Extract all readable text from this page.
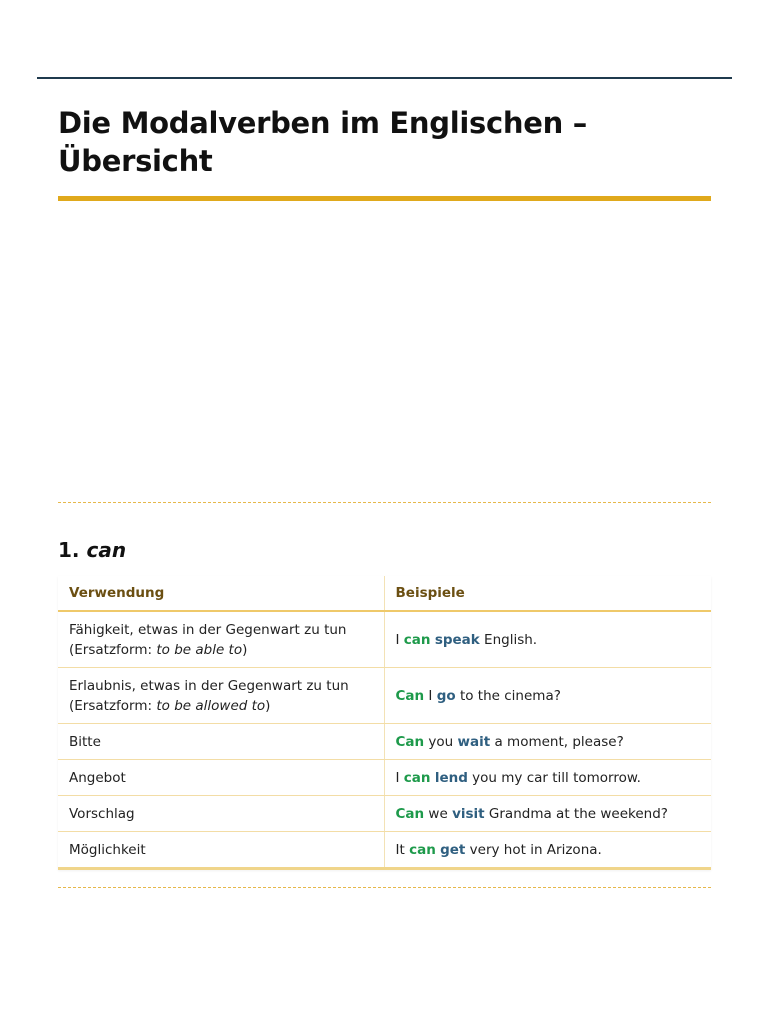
Die Modalverben im Englischen – Übersicht
1. can
Verwendung	Beispiele
Fähigkeit, etwas in der Gegenwart zu tun
(Ersatzform: to be able to)	I can speak English.
Erlaubnis, etwas in der Gegenwart zu tun
(Ersatzform: to be allowed to)	Can I go to the cinema?
Bitte	Can you wait a moment, please?
Angebot	I can lend you my car till tomorrow.
Vorschlag	Can we visit Grandma at the weekend?
Möglichkeit	It can get very hot in Arizona.
